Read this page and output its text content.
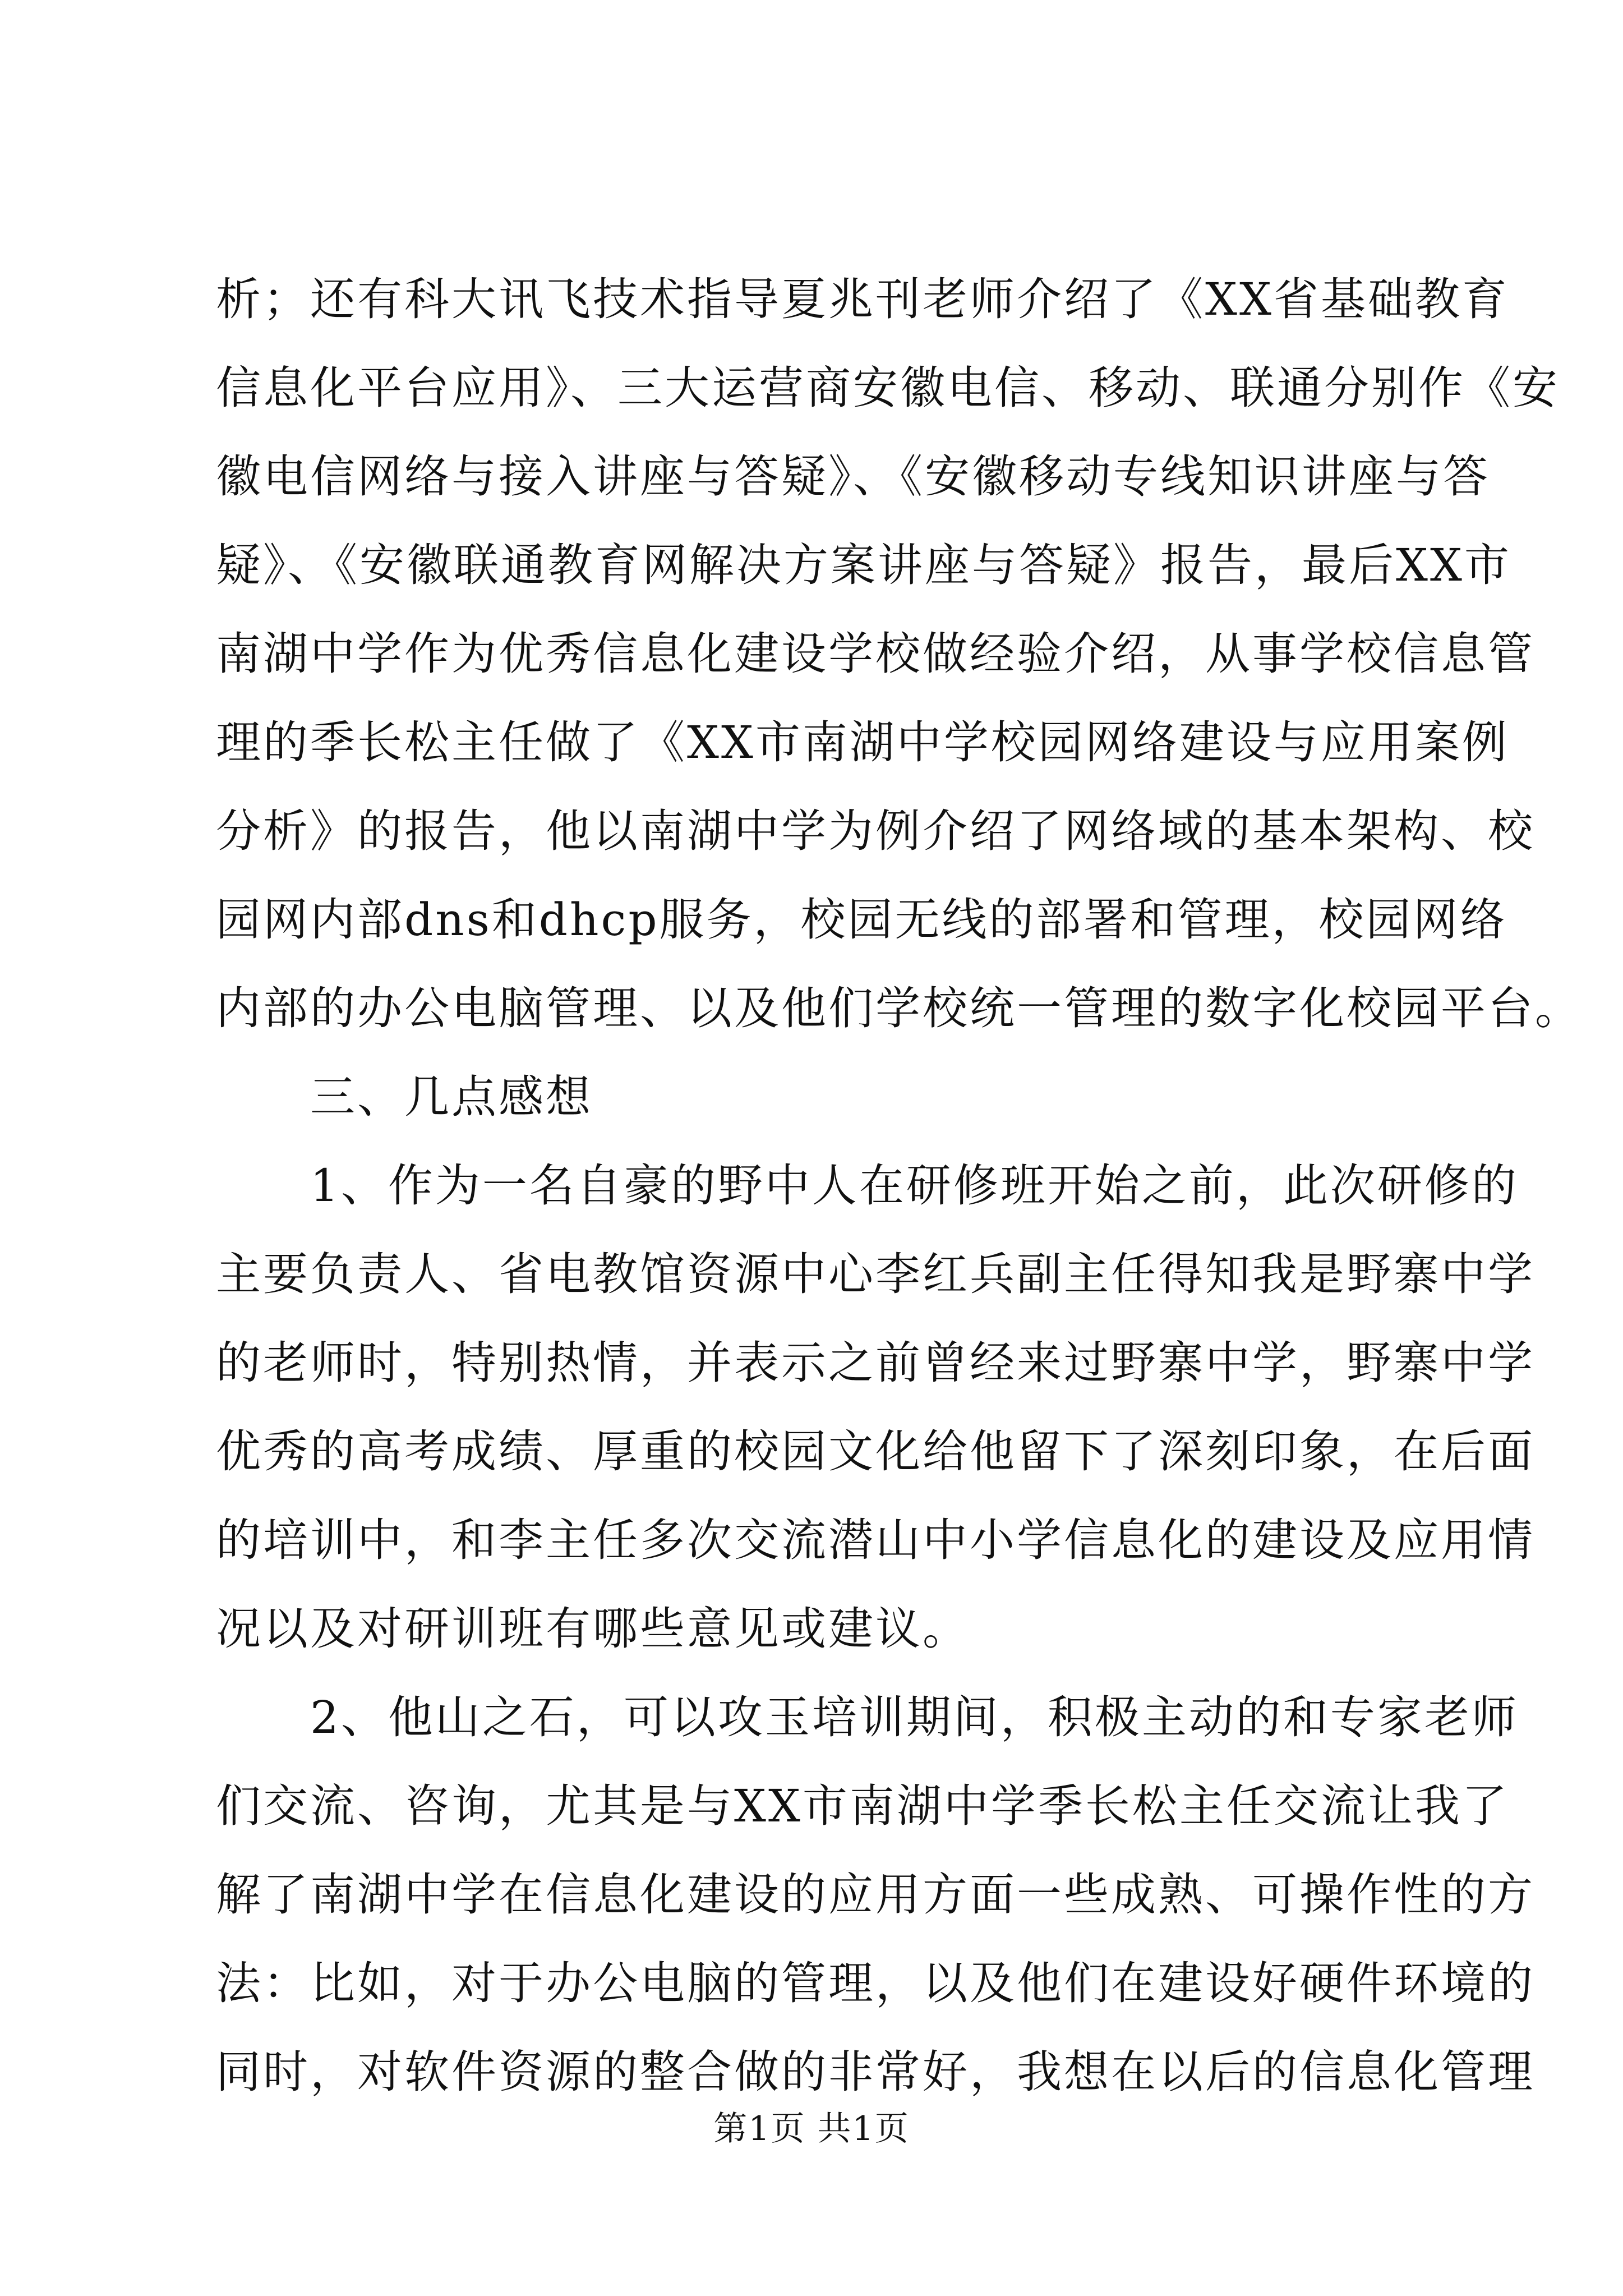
析；还有科大讯飞技术指导夏兆刊老师介绍了《XX省基础教育
信息化平台应用》、三大运营商安徽电信、移动、联通分别作《安
徽电信网络与接入讲座与答疑》、《安徽移动专线知识讲座与答
疑》、《安徽联通教育网解决方案讲座与答疑》报告，最后XX市
南湖中学作为优秀信息化建设学校做经验介绍，从事学校信息管
理的季长松主任做了《XX市南湖中学校园网络建设与应用案例
分析》的报告，他以南湖中学为例介绍了网络域的基本架构、校
园网内部dns和dhcp服务，校园无线的部署和管理，校园网络
内部的办公电脑管理、以及他们学校统一管理的数字化校园平台。
三、几点感想
1、作为一名自豪的野中人在研修班开始之前，此次研修的
主要负责人、省电教馆资源中心李红兵副主任得知我是野寨中学
的老师时，特别热情，并表示之前曾经来过野寨中学，野寨中学
优秀的高考成绩、厚重的校园文化给他留下了深刻印象，在后面
的培训中，和李主任多次交流潜山中小学信息化的建设及应用情
况以及对研训班有哪些意见或建议。
2、他山之石，可以攻玉培训期间，积极主动的和专家老师
们交流、咨询，尤其是与XX市南湖中学季长松主任交流让我了
解了南湖中学在信息化建设的应用方面一些成熟、可操作性的方
法：比如，对于办公电脑的管理，以及他们在建设好硬件环境的
同时，对软件资源的整合做的非常好，我想在以后的信息化管理
第1页 共1页
